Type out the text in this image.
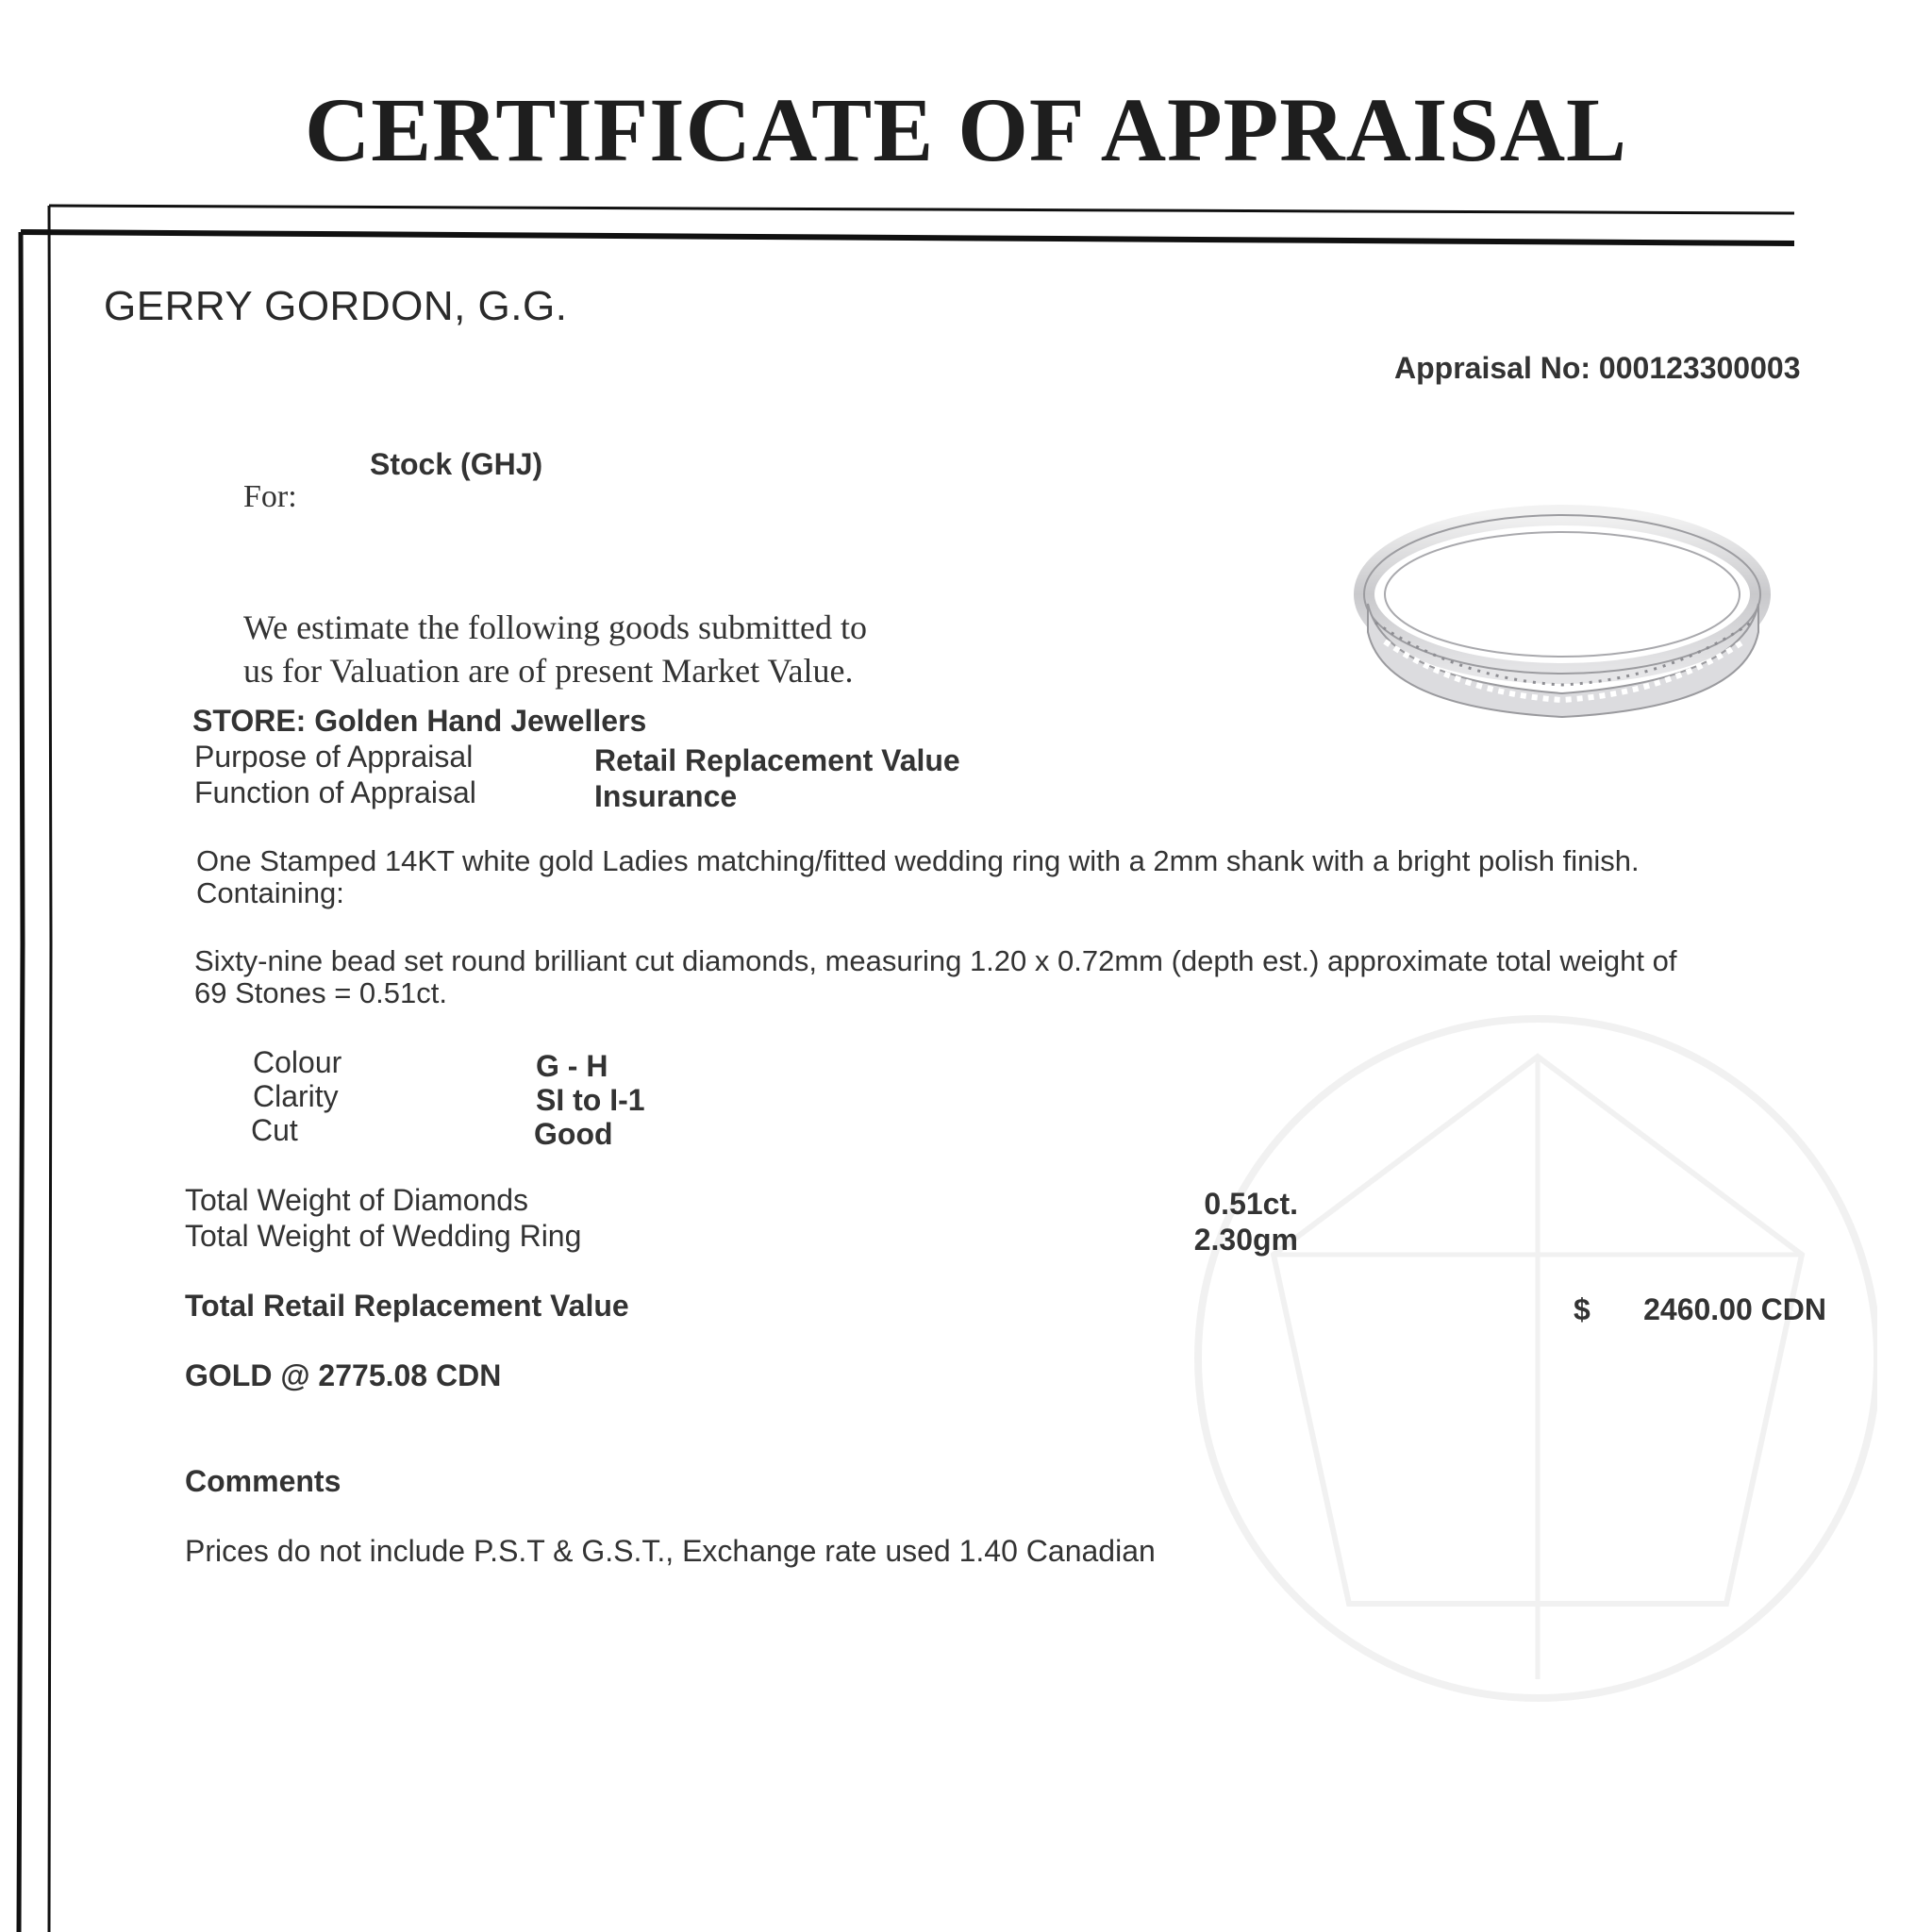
CERTIFICATE OF APPRAISAL
GERRY GORDON, G.G.
Appraisal No: 000123300003
Stock (GHJ)
For:
We estimate the following goods submitted to
us for Valuation are of present Market Value.
STORE: Golden Hand Jewellers
Purpose of Appraisal	Retail Replacement Value
Function of Appraisal	Insurance
One Stamped 14KT white gold Ladies matching/fitted wedding ring with a 2mm shank with a bright polish finish. Containing:
Sixty-nine bead set round brilliant cut diamonds, measuring 1.20 x 0.72mm (depth est.) approximate total weight of 69 Stones = 0.51ct.
Colour	G - H
Clarity	SI to I-1
Cut	Good
Total Weight of Diamonds	0.51ct.
Total Weight of Wedding Ring	2.30gm
Total Retail Replacement Value	$	2460.00 CDN
GOLD @ 2775.08 CDN
Comments
Prices do not include P.S.T & G.S.T., Exchange rate used 1.40 Canadian
